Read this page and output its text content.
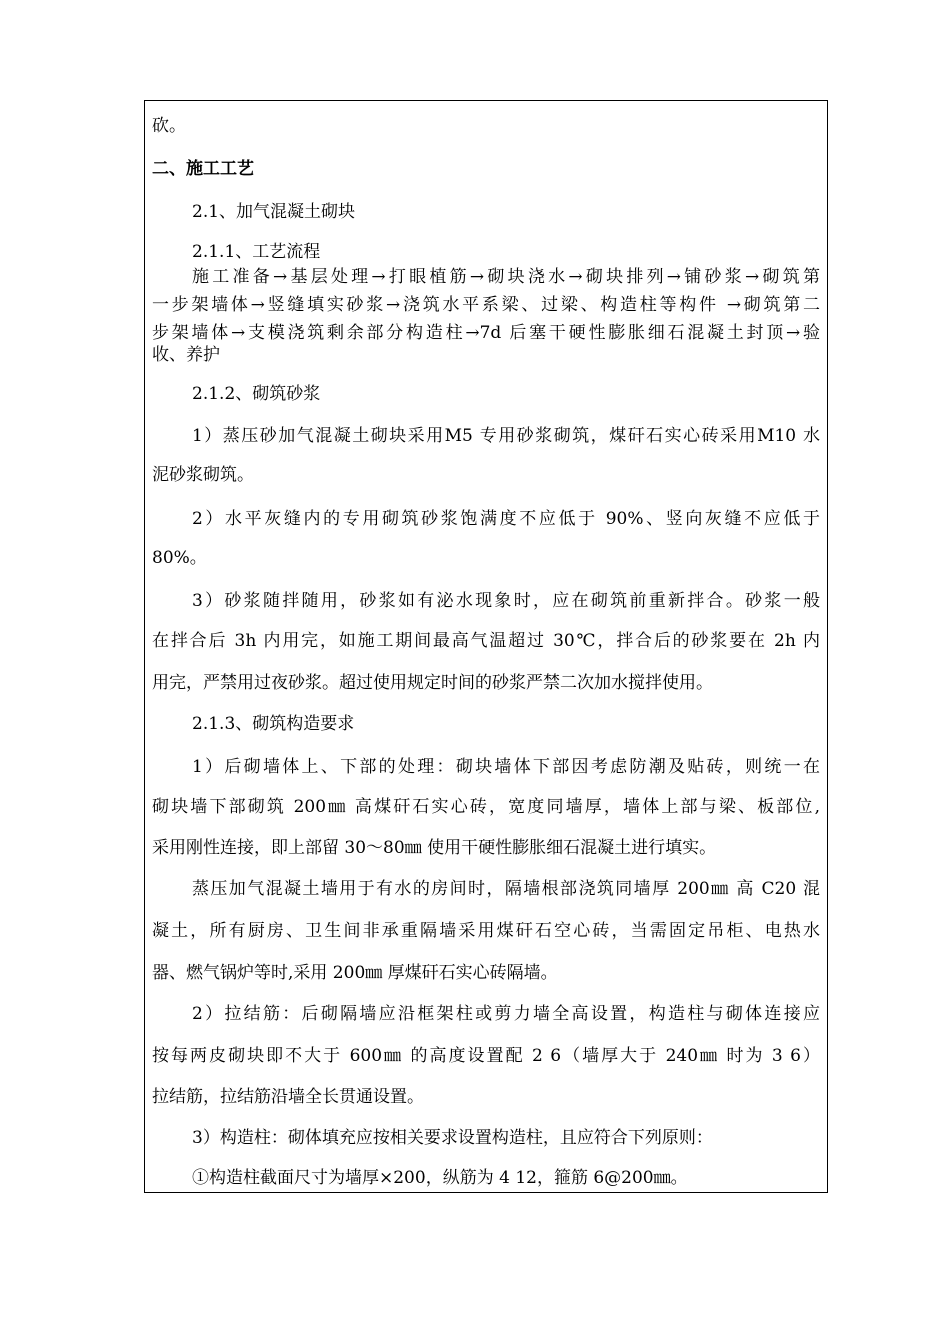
砍。
二、施工工艺
2.1、加气混凝土砌块
2.1.1、工艺流程
施工准备→基层处理→打眼植筋→砌块浇水→砌块排列→铺砂浆→砌筑第
一步架墙体→竖缝填实砂浆→浇筑水平系梁、过梁、构造柱等构件 →砌筑第二
步架墙体→支模浇筑剩余部分构造柱→7d 后塞干硬性膨胀细石混凝土封顶→验
收、养护
2.1.2、砌筑砂浆
1）蒸压砂加气混凝土砌块采用M5 专用砂浆砌筑，煤矸石实心砖采用M10 水
泥砂浆砌筑。
2）水平灰缝内的专用砌筑砂浆饱满度不应低于 90%、竖向灰缝不应低于
80%。
3）砂浆随拌随用，砂浆如有泌水现象时，应在砌筑前重新拌合。砂浆一般
在拌合后 3h 内用完，如施工期间最高气温超过 30℃，拌合后的砂浆要在 2h 内
用完，严禁用过夜砂浆。超过使用规定时间的砂浆严禁二次加水搅拌使用。
2.1.3、砌筑构造要求
1）后砌墙体上、下部的处理：砌块墙体下部因考虑防潮及贴砖，则统一在
砌块墙下部砌筑 200㎜ 高煤矸石实心砖，宽度同墙厚，墙体上部与梁、板部位,
采用刚性连接，即上部留 30～80㎜ 使用干硬性膨胀细石混凝土进行填实。
蒸压加气混凝土墙用于有水的房间时，隔墙根部浇筑同墙厚 200㎜ 高 C20 混
凝土，所有厨房、卫生间非承重隔墙采用煤矸石空心砖，当需固定吊柜、电热水
器、燃气锅炉等时,采用 200㎜ 厚煤矸石实心砖隔墙。
2）拉结筋：后砌隔墙应沿框架柱或剪力墙全高设置，构造柱与砌体连接应
按每两皮砌块即不大于 600㎜ 的高度设置配 2 6（墙厚大于 240㎜ 时为 3 6）
拉结筋，拉结筋沿墙全长贯通设置。
3）构造柱：砌体填充应按相关要求设置构造柱，且应符合下列原则：
①构造柱截面尺寸为墙厚×200，纵筋为 4 12，箍筋 6@200㎜。
